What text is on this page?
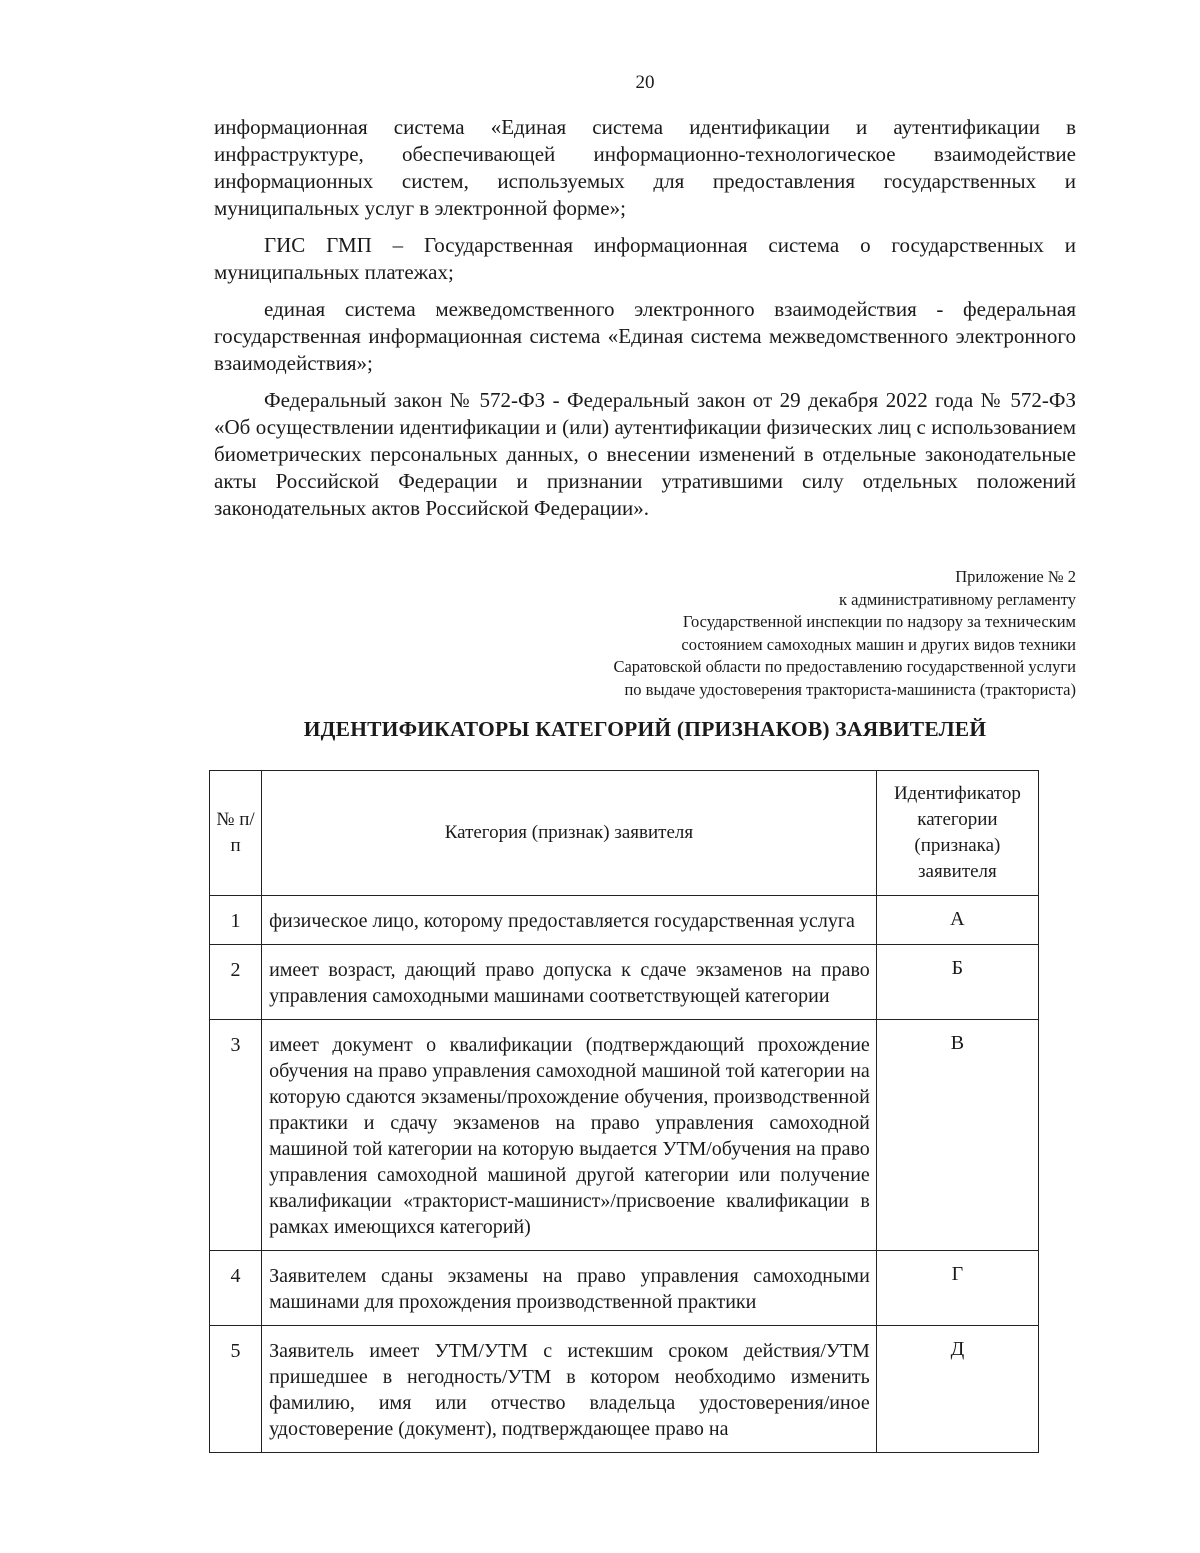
20

информационная система «Единая система идентификации и аутентификации в инфраструктуре, обеспечивающей информационно-технологическое взаимодействие информационных систем, используемых для предоставления государственных и муниципальных услуг в электронной форме»;

ГИС ГМП – Государственная информационная система о государственных и муниципальных платежах;

единая система межведомственного электронного взаимодействия - федеральная государственная информационная система «Единая система межведомственного электронного взаимодействия»;

Федеральный закон № 572-ФЗ - Федеральный закон от 29 декабря 2022 года № 572-ФЗ «Об осуществлении идентификации и (или) аутентификации физических лиц с использованием биометрических персональных данных, о внесении изменений в отдельные законодательные акты Российской Федерации и признании утратившими силу отдельных положений законодательных актов Российской Федерации».

Приложение № 2
к административному регламенту
Государственной инспекции по надзору за техническим
состоянием самоходных машин и других видов техники
Саратовской области по предоставлению государственной услуги
по выдаче удостоверения тракториста-машиниста (тракториста)
ИДЕНТИФИКАТОРЫ КАТЕГОРИЙ (ПРИЗНАКОВ) ЗАЯВИТЕЛЕЙ
№ п/п	Категория (признак) заявителя	Идентификатор категории (признака) заявителя
1	физическое лицо, которому предоставляется государственная услуга	А
2	имеет возраст, дающий право допуска к сдаче экзаменов на право управления самоходными машинами соответствующей категории	Б
3	имеет документ о квалификации (подтверждающий прохождение обучения на право управления самоходной машиной той категории на которую сдаются экзамены/прохождение обучения, производственной практики и сдачу экзаменов на право управления самоходной машиной той категории на которую выдается УТМ/обучения на право управления самоходной машиной другой категории или получение квалификации «тракторист-машинист»/присвоение квалификации в рамках имеющихся категорий)	В
4	Заявителем сданы экзамены на право управления самоходными машинами для прохождения производственной практики	Г
5	Заявитель имеет УТМ/УТМ с истекшим сроком действия/УТМ пришедшее в негодность/УТМ в котором необходимо изменить фамилию, имя или отчество владельца удостоверения/иное удостоверение (документ), подтверждающее право на	Д
